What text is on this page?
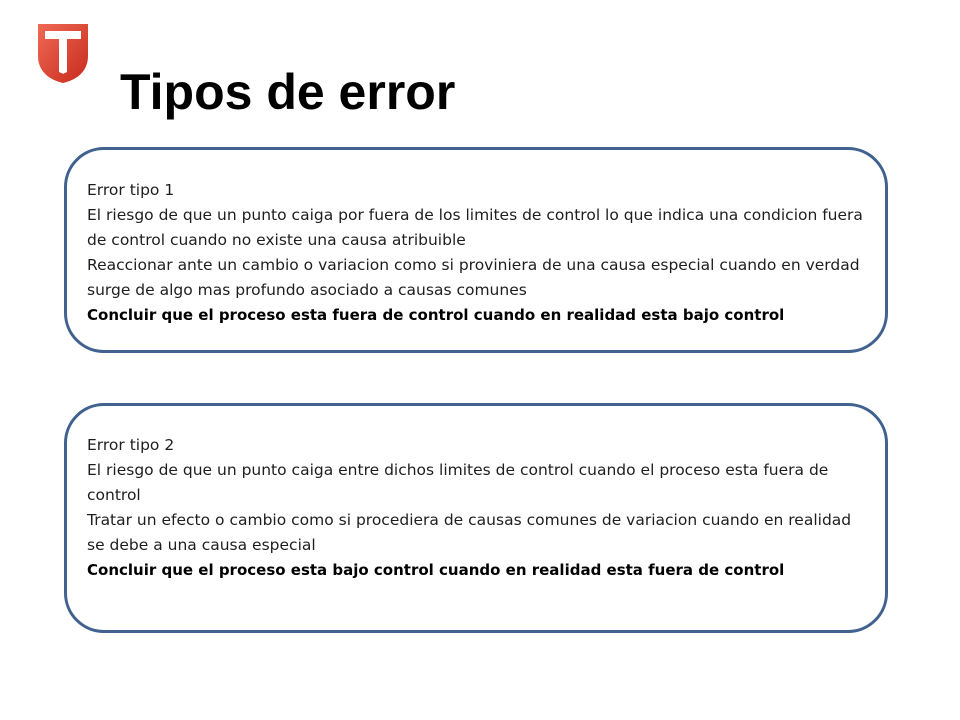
Tipos de error

Error tipo 1

El riesgo de que un punto caiga por fuera de los limites de control lo que indica una condicion fuera de control cuando no existe una causa atribuible

Reaccionar ante un cambio o variacion como si proviniera de una causa especial cuando en verdad surge de algo mas profundo asociado a causas comunes

Concluir que el proceso esta fuera de control cuando en realidad esta bajo control

Error tipo 2

El riesgo de que un punto caiga entre dichos limites de control cuando el proceso esta fuera de control

Tratar un efecto o cambio como si procediera de causas comunes de variacion cuando en realidad se debe a una causa especial

Concluir que el proceso esta bajo control cuando en realidad esta fuera de control
